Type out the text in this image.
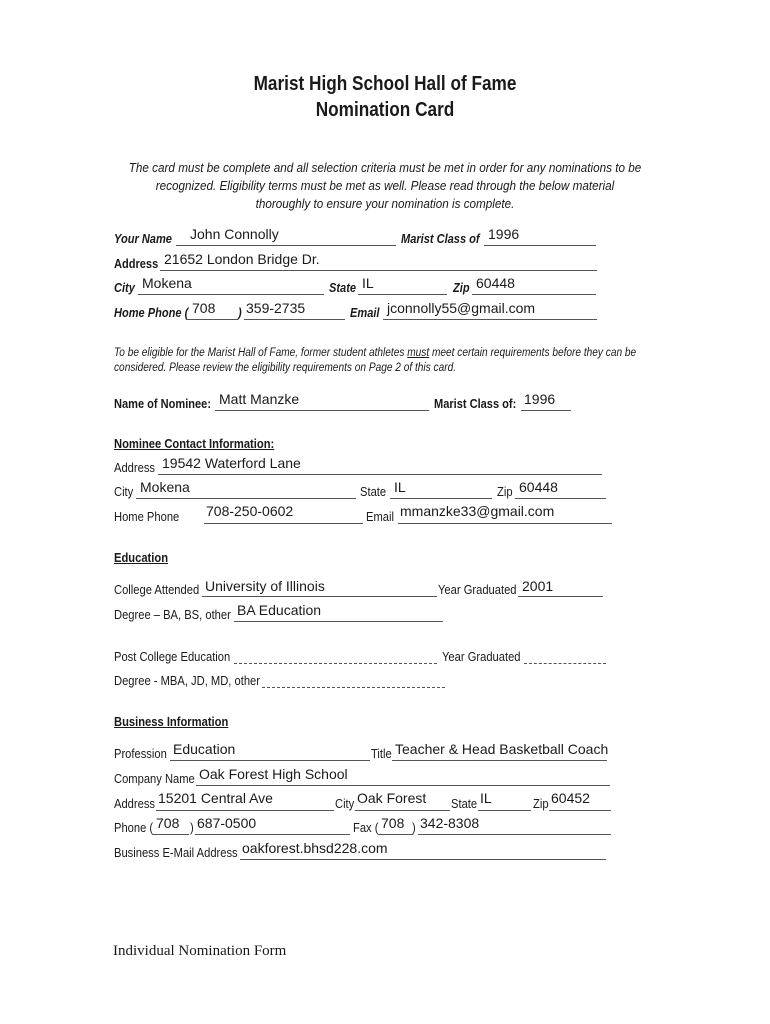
Marist High School Hall of Fame
Nomination Card
The card must be complete and all selection criteria must be met in order for any nominations to be
recognized. Eligibility terms must be met as well. Please read through the below material
thoroughly to ensure your nomination is complete.
Your Name John Connolly	Marist Class of 1996
Address 21652 London Bridge Dr.
City Mokena	State IL	Zip 60448
Home Phone ( 708 ) 359-2735	Email jconnolly55@gmail.com
To be eligible for the Marist Hall of Fame, former student athletes must meet certain requirements before they can be
considered. Please review the eligibility requirements on Page 2 of this card.
Name of Nominee: Matt Manzke	Marist Class of: 1996
Nominee Contact Information:
Address 19542 Waterford Lane
City Mokena	State IL	Zip 60448
Home Phone 708-250-0602	Email mmanzke33@gmail.com
Education
College Attended University of Illinois	Year Graduated 2001
Degree – BA, BS, other BA Education
Post College Education	Year Graduated
Degree - MBA, JD, MD, other
Business Information
Profession Education	Title Teacher & Head Basketball Coach
Company Name Oak Forest High School
Address 15201 Central Ave	City Oak Forest State IL	Zip 60452
Phone ( 708 ) 687-0500	Fax ( 708 ) 342-8308
Business E-Mail Address oakforest.bhsd228.com
Individual Nomination Form
